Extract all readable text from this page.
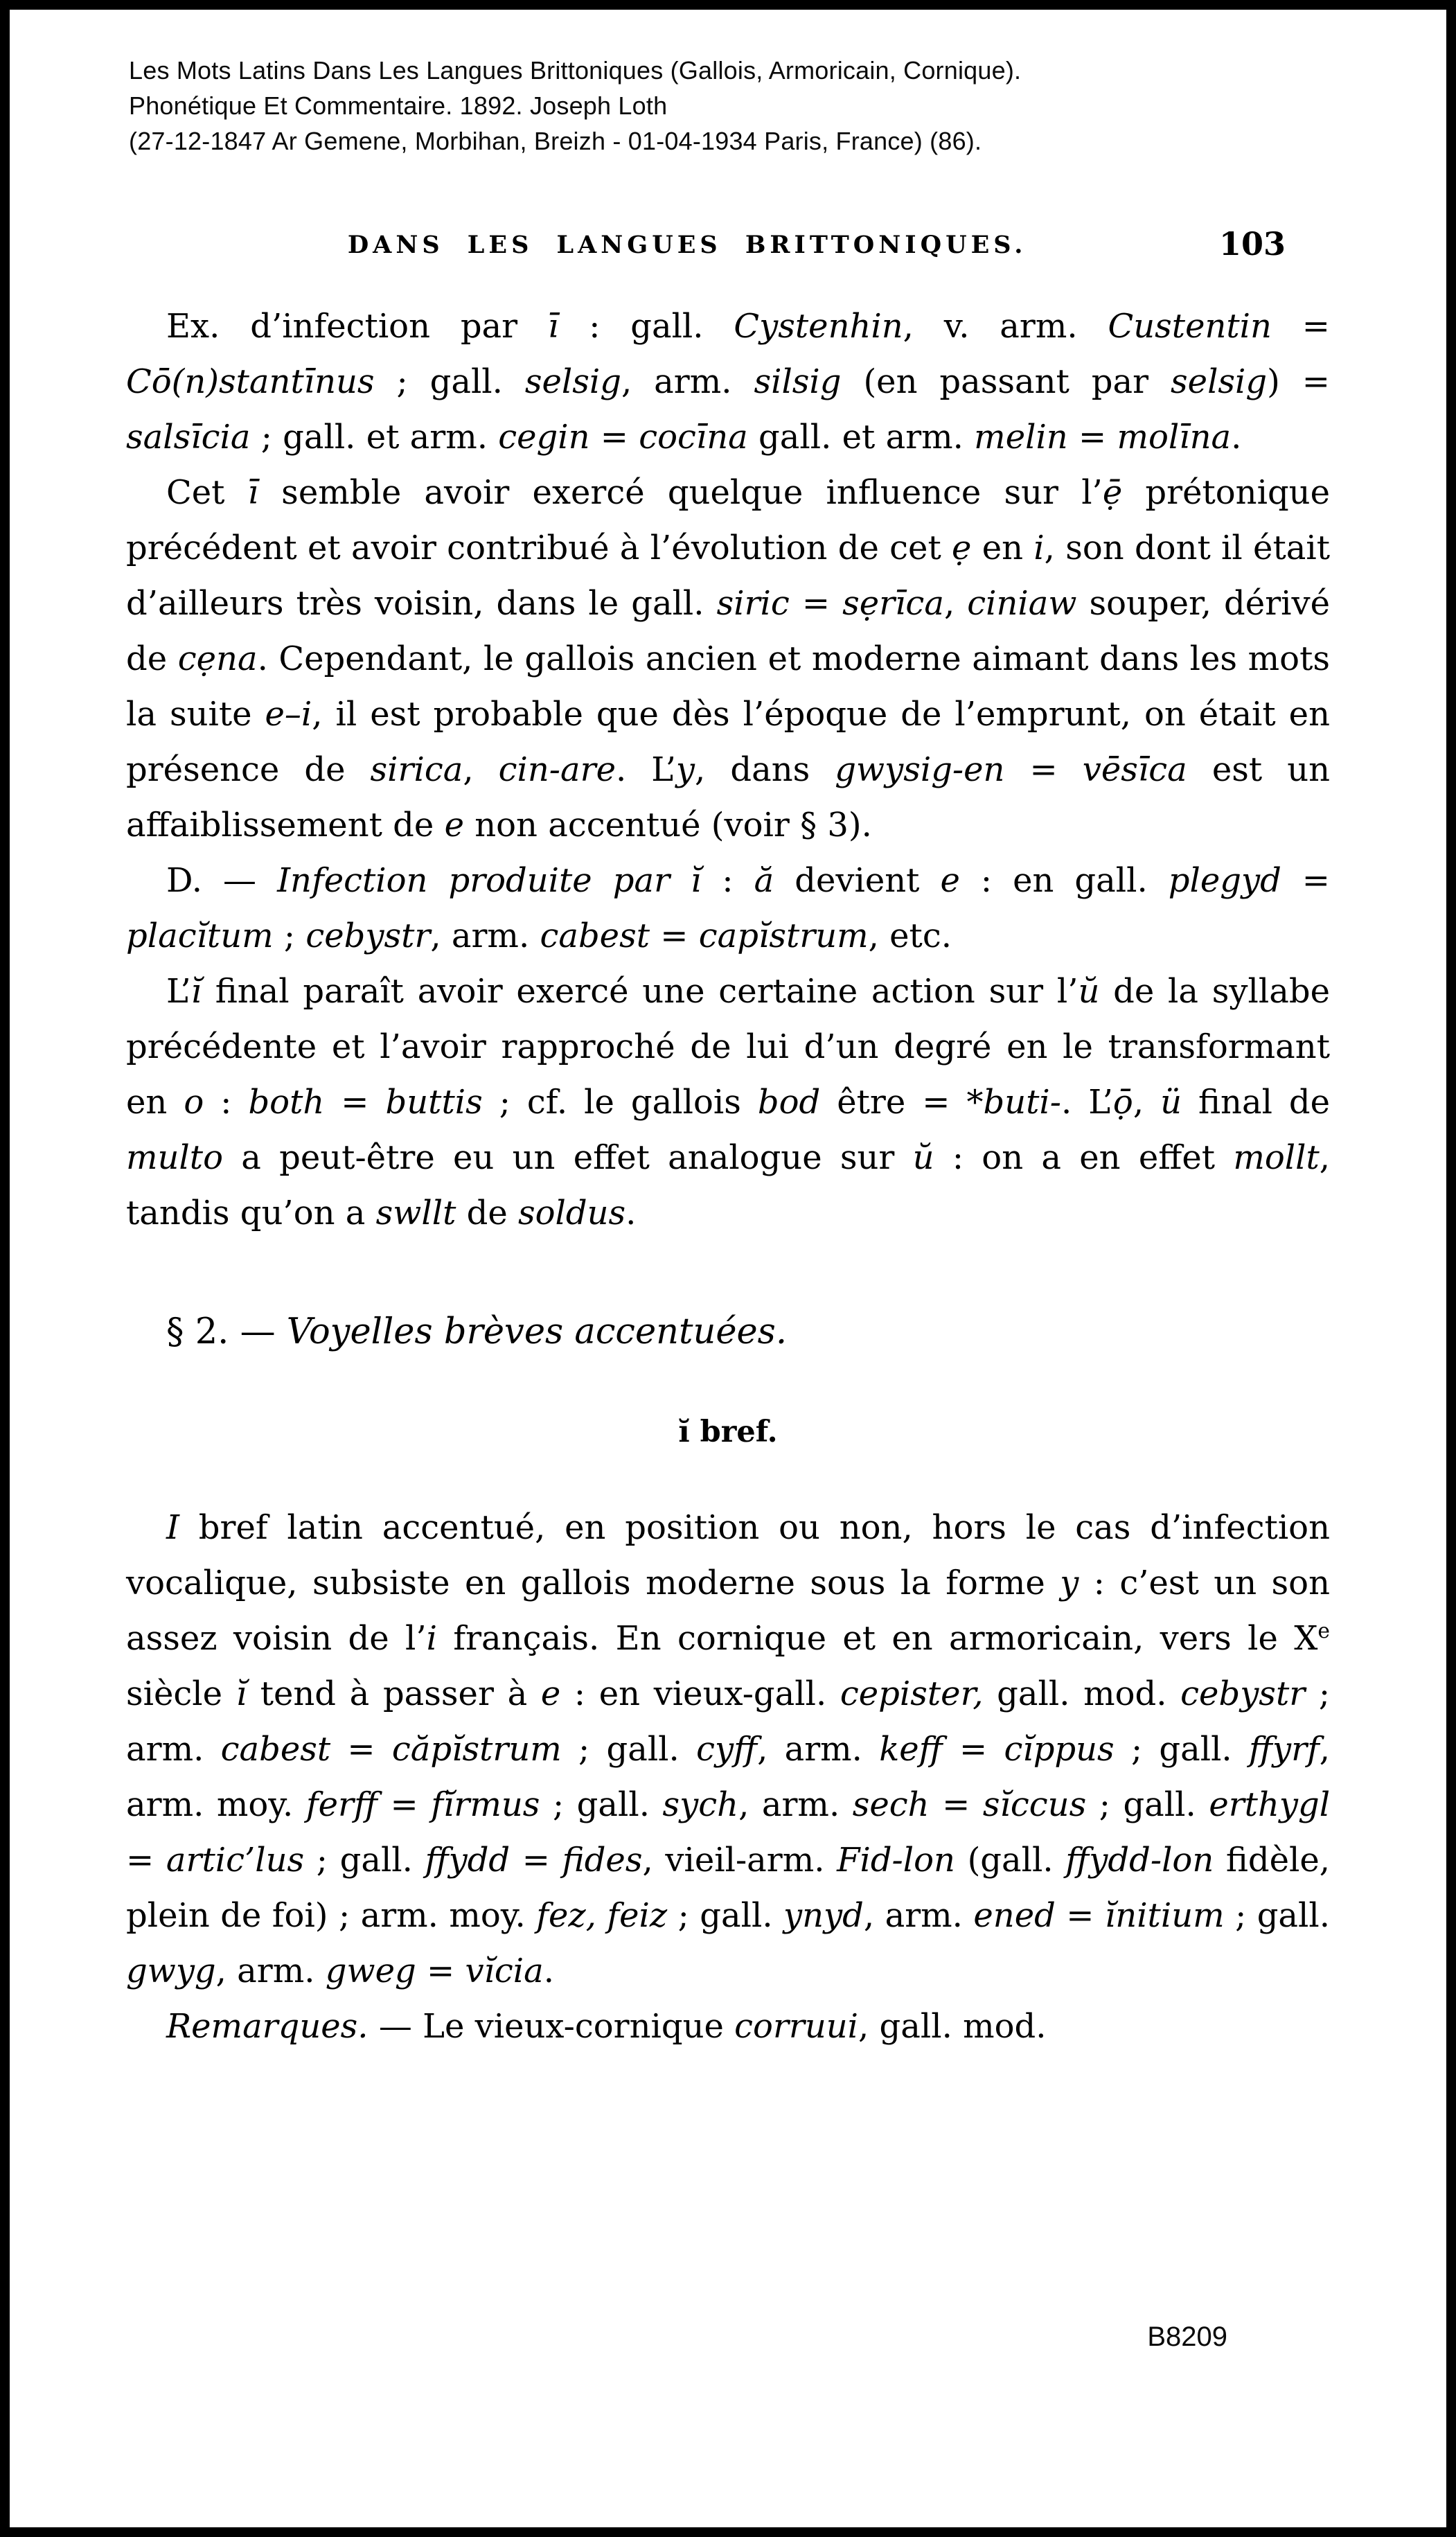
Les Mots Latins Dans Les Langues Brittoniques (Gallois, Armoricain, Cornique).
Phonétique Et Commentaire. 1892. Joseph Loth
(27-12-1847 Ar Gemene, Morbihan, Breizh - 01-04-1934 Paris, France) (86).
DANS LES LANGUES BRITTONIQUES.	103

Ex. d’infection par ī : gall. Cystenhin, v. arm. Custentin = Cō(n)stantīnus ; gall. selsig, arm. silsig (en passant par selsig) = salsīcia ; gall. et arm. cegin = cocīna gall. et arm. melin = molīna.

Cet ī semble avoir exercé quelque influence sur l’ẹ̄ prétonique précédent et avoir contribué à l’évolution de cet ẹ en i, son dont il était d’ailleurs très voisin, dans le gall. siric = sẹrīca, ciniaw souper, dérivé de cẹna. Cependant, le gallois ancien et moderne aimant dans les mots la suite e–i, il est probable que dès l’époque de l’emprunt, on était en présence de sirica, cin-are. L’y, dans gwysig-en = vēsīca est un affaiblissement de e non accentué (voir § 3).

D. — Infection produite par ĭ : ă devient e : en gall. plegyd = placĭtum ; cebystr, arm. cabest = capĭstrum, etc.

L’ĭ final paraît avoir exercé une certaine action sur l’ŭ de la syllabe précédente et l’avoir rapproché de lui d’un degré en le transformant en o : both = buttis ; cf. le gallois bod être = *buti-. L’ọ̄, ü final de multo a peut-être eu un effet analogue sur ŭ : on a en effet mollt, tandis qu’on a swllt de soldus.

§ 2. — Voyelles brèves accentuées.

ĭ bref.

I bref latin accentué, en position ou non, hors le cas d’infection vocalique, subsiste en gallois moderne sous la forme y : c’est un son assez voisin de l’i français. En cornique et en armoricain, vers le Xe siècle ĭ tend à passer à e : en vieux-gall. cepister, gall. mod. cebystr ; arm. cabest = căpĭstrum ; gall. cyff, arm. keff = cĭppus ; gall. ffyrf, arm. moy. ferff = fĭrmus ; gall. sych, arm. sech = sĭccus ; gall. erthygl = artic’lus ; gall. ffydd = fides, vieil-arm. Fid-lon (gall. ffydd-lon fidèle, plein de foi) ; arm. moy. fez, feiz ; gall. ynyd, arm. ened = ĭnitium ; gall. gwyg, arm. gweg = vĭcia.

Remarques. — Le vieux-cornique corruui, gall. mod.

B8209
